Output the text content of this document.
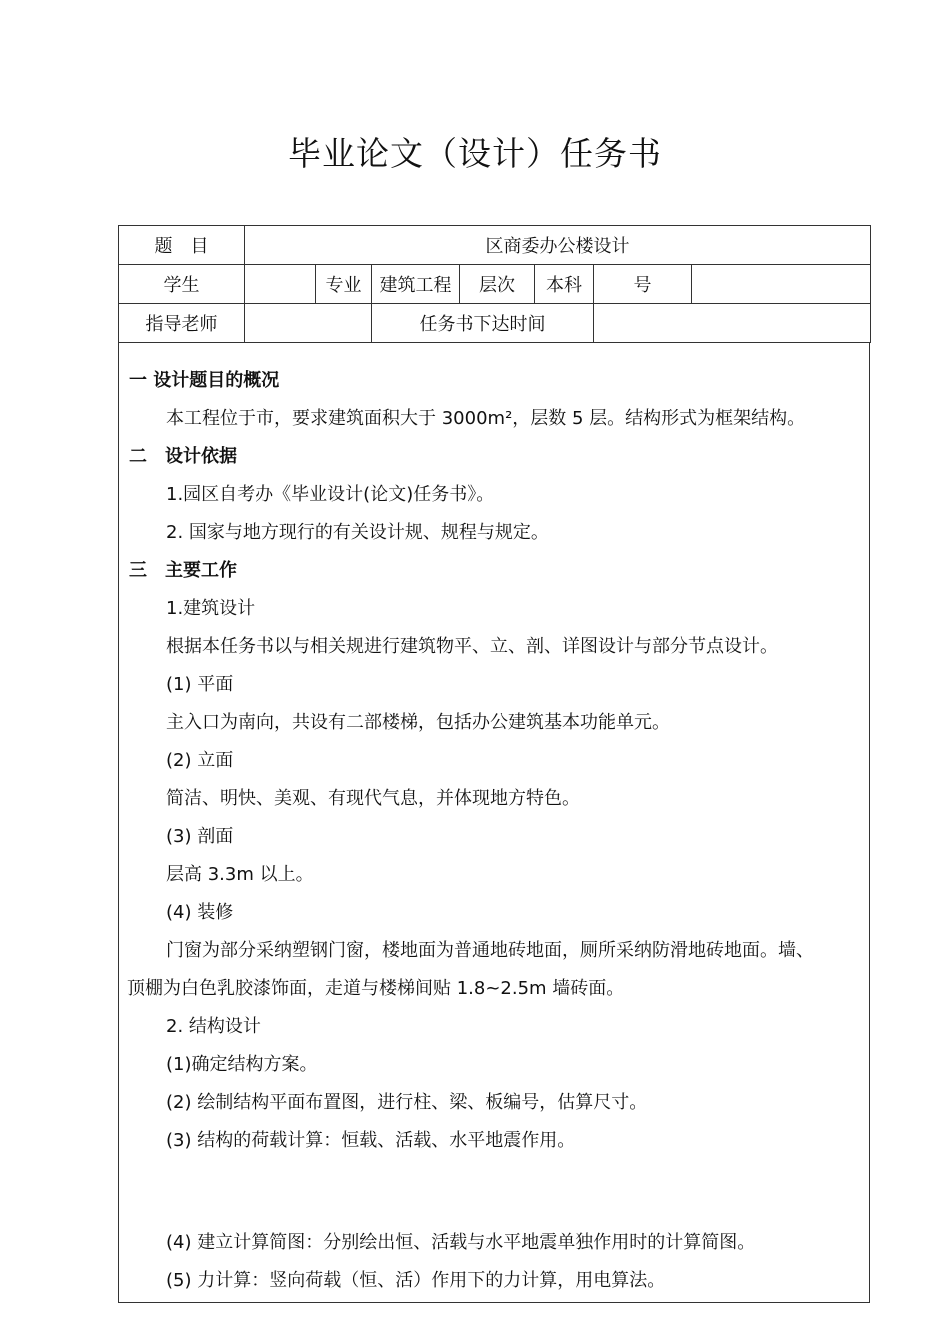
毕业论文（设计）任务书
题　目	区商委办公楼设计						
学生		专业	建筑工程	层次	本科	号	
指导老师			任务书下达时间				
一 设计题目的概况
本工程位于市，要求建筑面积大于 3000m²，层数 5 层。结构形式为框架结构。
二　设计依据
1.园区自考办《毕业设计(论文)任务书》。
2. 国家与地方现行的有关设计规、规程与规定。
三　主要工作
1.建筑设计
根据本任务书以与相关规进行建筑物平、立、剖、详图设计与部分节点设计。
(1) 平面
主入口为南向，共设有二部楼梯，包括办公建筑基本功能单元。
(2) 立面
简洁、明快、美观、有现代气息，并体现地方特色。
(3) 剖面
层高 3.3m 以上。
(4) 装修
门窗为部分采纳塑钢门窗，楼地面为普通地砖地面，厕所采纳防滑地砖地面。墙、
顶棚为白色乳胶漆饰面，走道与楼梯间贴 1.8~2.5m 墙砖面。
2. 结构设计
(1)确定结构方案。
(2) 绘制结构平面布置图，进行柱、梁、板编号，估算尺寸。
(3) 结构的荷载计算：恒载、活载、水平地震作用。
(4) 建立计算简图：分别绘出恒、活载与水平地震单独作用时的计算简图。
(5) 力计算：竖向荷载（恒、活）作用下的力计算，用电算法。
